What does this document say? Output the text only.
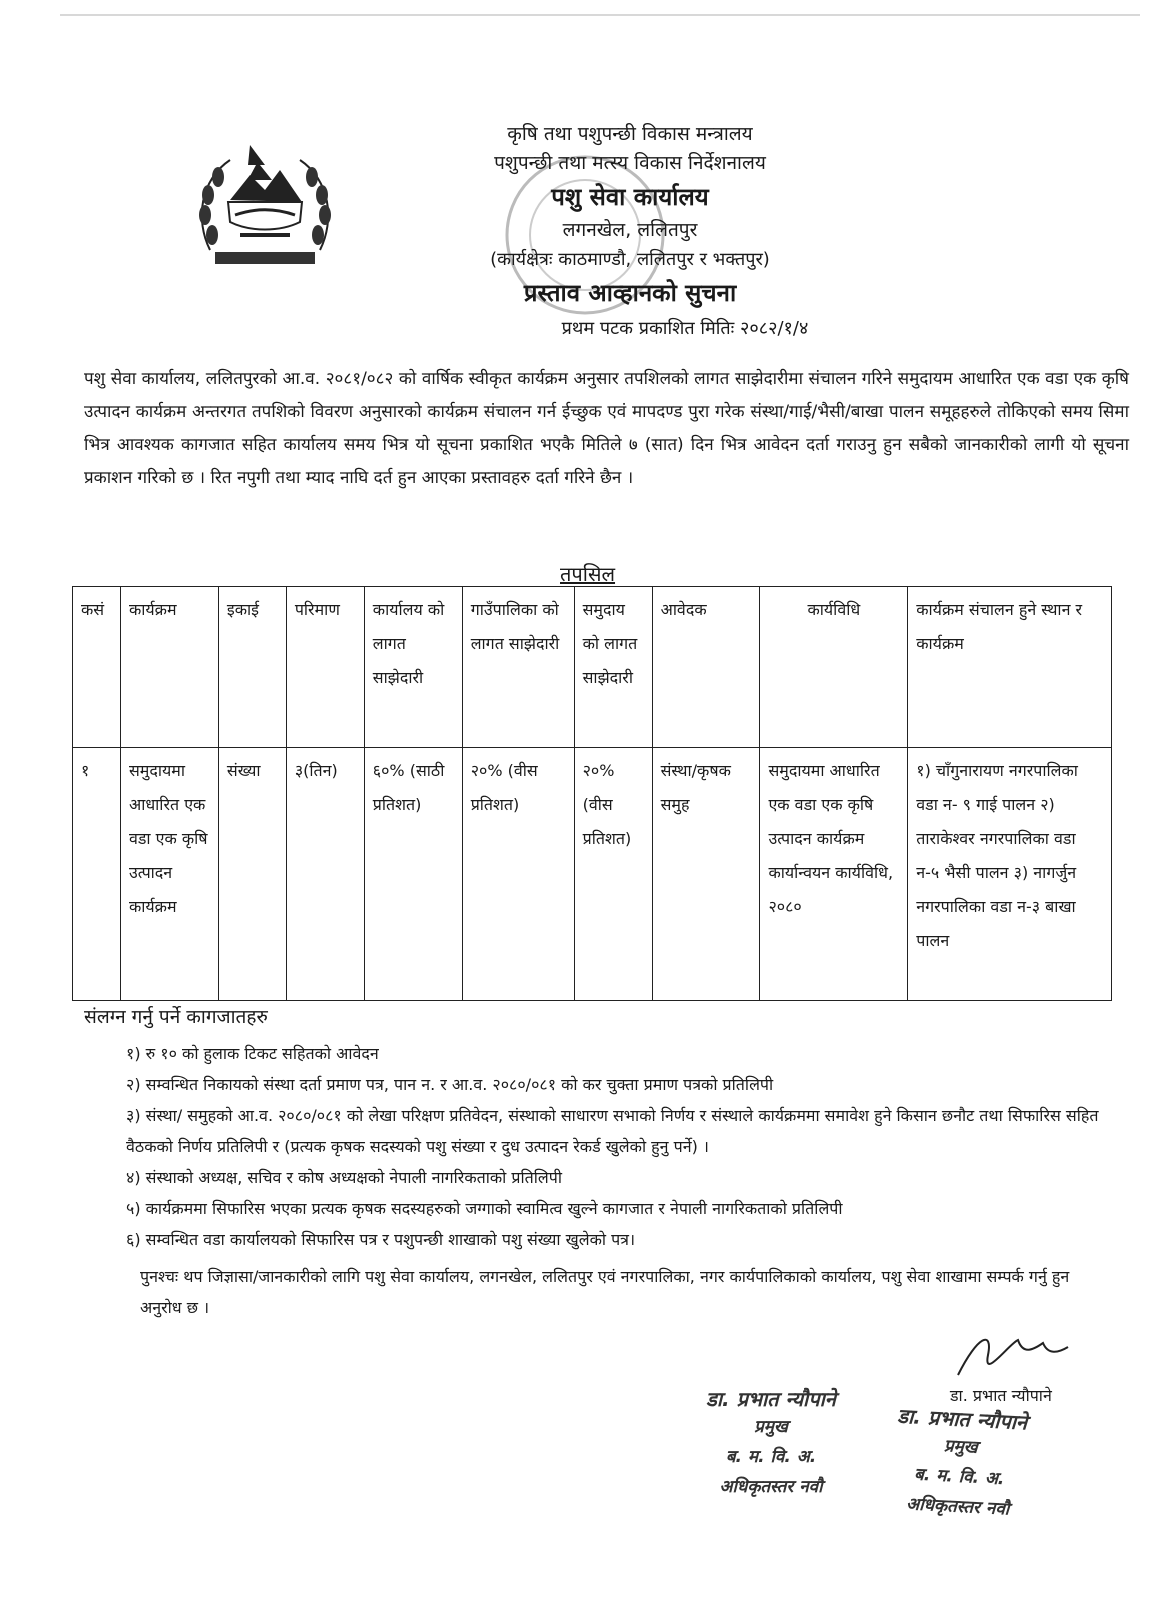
कृषि तथा पशुपन्छी विकास मन्त्रालय
पशुपन्छी तथा मत्स्य विकास निर्देशनालय
पशु सेवा कार्यालय
लगनखेल, ललितपुर
(कार्यक्षेत्रः काठमाण्डौ, ललितपुर र भक्तपुर)
प्रस्ताव आव्हानको सुचना
प्रथम पटक प्रकाशित मितिः २०८२/१/४

पशु सेवा कार्यालय, ललितपुरको आ.व. २०८१/०८२ को वार्षिक स्वीकृत कार्यक्रम अनुसार तपशिलको लागत साझेदारीमा संचालन गरिने समुदायम आधारित एक वडा एक कृषि उत्पादन कार्यक्रम अन्तरगत तपशिको विवरण अनुसारको कार्यक्रम संचालन गर्न ईच्छुक एवं मापदण्ड पुरा गरेक संस्था/गाई/भैसी/बाखा पालन समूहहरुले तोकिएको समय सिमा भित्र आवश्यक कागजात सहित कार्यालय समय भित्र यो सूचना प्रकाशित भएकै मितिले ७ (सात) दिन भित्र आवेदन दर्ता गराउनु हुन सबैको जानकारीको लागी यो सूचना प्रकाशन गरिको छ । रित नपुगी तथा म्याद नाघि दर्त हुन आएका प्रस्तावहरु दर्ता गरिने छैन ।

तपसिल
कसं	कार्यक्रम	इकाई	परिमाण	कार्यालय को लागत साझेदारी	गाउँपालिका को लागत साझेदारी	समुदाय को लागत साझेदारी	आवेदक	कार्यविधि	कार्यक्रम संचालन हुने स्थान र कार्यक्रम
१	समुदायमा आधारित एक वडा एक कृषि उत्पादन कार्यक्रम	संख्या	३(तिन)	६०% (साठी प्रतिशत)	२०% (वीस प्रतिशत)	२०% (वीस प्रतिशत)	संस्था/कृषक समुह	समुदायमा आधारित एक वडा एक कृषि उत्पादन कार्यक्रम कार्यान्वयन कार्यविधि, २०८०	१) चाँगुनारायण नगरपालिका वडा न- ९ गाई पालन २) ताराकेश्वर नगरपालिका वडा न-५ भैसी पालन ३) नागर्जुन नगरपालिका वडा न-३ बाखा पालन
संलग्न गर्नु पर्ने कागजातहरु
१) रु १० को हुलाक टिकट सहितको आवेदन
२) सम्वन्धित निकायको संस्था दर्ता प्रमाण पत्र, पान न. र आ.व. २०८०/०८१ को कर चुक्ता प्रमाण पत्रको प्रतिलिपी
३) संस्था/ समुहको आ.व. २०८०/०८१ को लेखा परिक्षण प्रतिवेदन, संस्थाको साधारण सभाको निर्णय र संस्थाले कार्यक्रममा समावेश हुने किसान छनौट तथा सिफारिस सहित वैठकको निर्णय प्रतिलिपी र (प्रत्यक कृषक सदस्यको पशु संख्या र दुध उत्पादन रेकर्ड खुलेको हुनु पर्ने) ।
४) संस्थाको अध्यक्ष, सचिव र कोष अध्यक्षको नेपाली नागरिकताको प्रतिलिपी
५) कार्यक्रममा सिफारिस भएका प्रत्यक कृषक सदस्यहरुको जग्गाको स्वामित्व खुल्ने कागजात र नेपाली नागरिकताको प्रतिलिपी
६) सम्वन्धित वडा कार्यालयको सिफारिस पत्र र पशुपन्छी शाखाको पशु संख्या खुलेको पत्र।

पुनश्चः थप जिज्ञासा/जानकारीको लागि पशु सेवा कार्यालय, लगनखेल, ललितपुर एवं नगरपालिका, नगर कार्यपालिकाको कार्यालय, पशु सेवा शाखामा सम्पर्क गर्नु हुन अनुरोध छ ।

डा. प्रभात न्यौपाने
डा. प्रभात न्यौपाने
प्रमुख
ब. म. वि. अ.
अधिकृतस्तर नवौ
डा. प्रभात न्यौपाने
प्रमुख
ब. म. वि. अ.
अधिकृतस्तर नवौ
